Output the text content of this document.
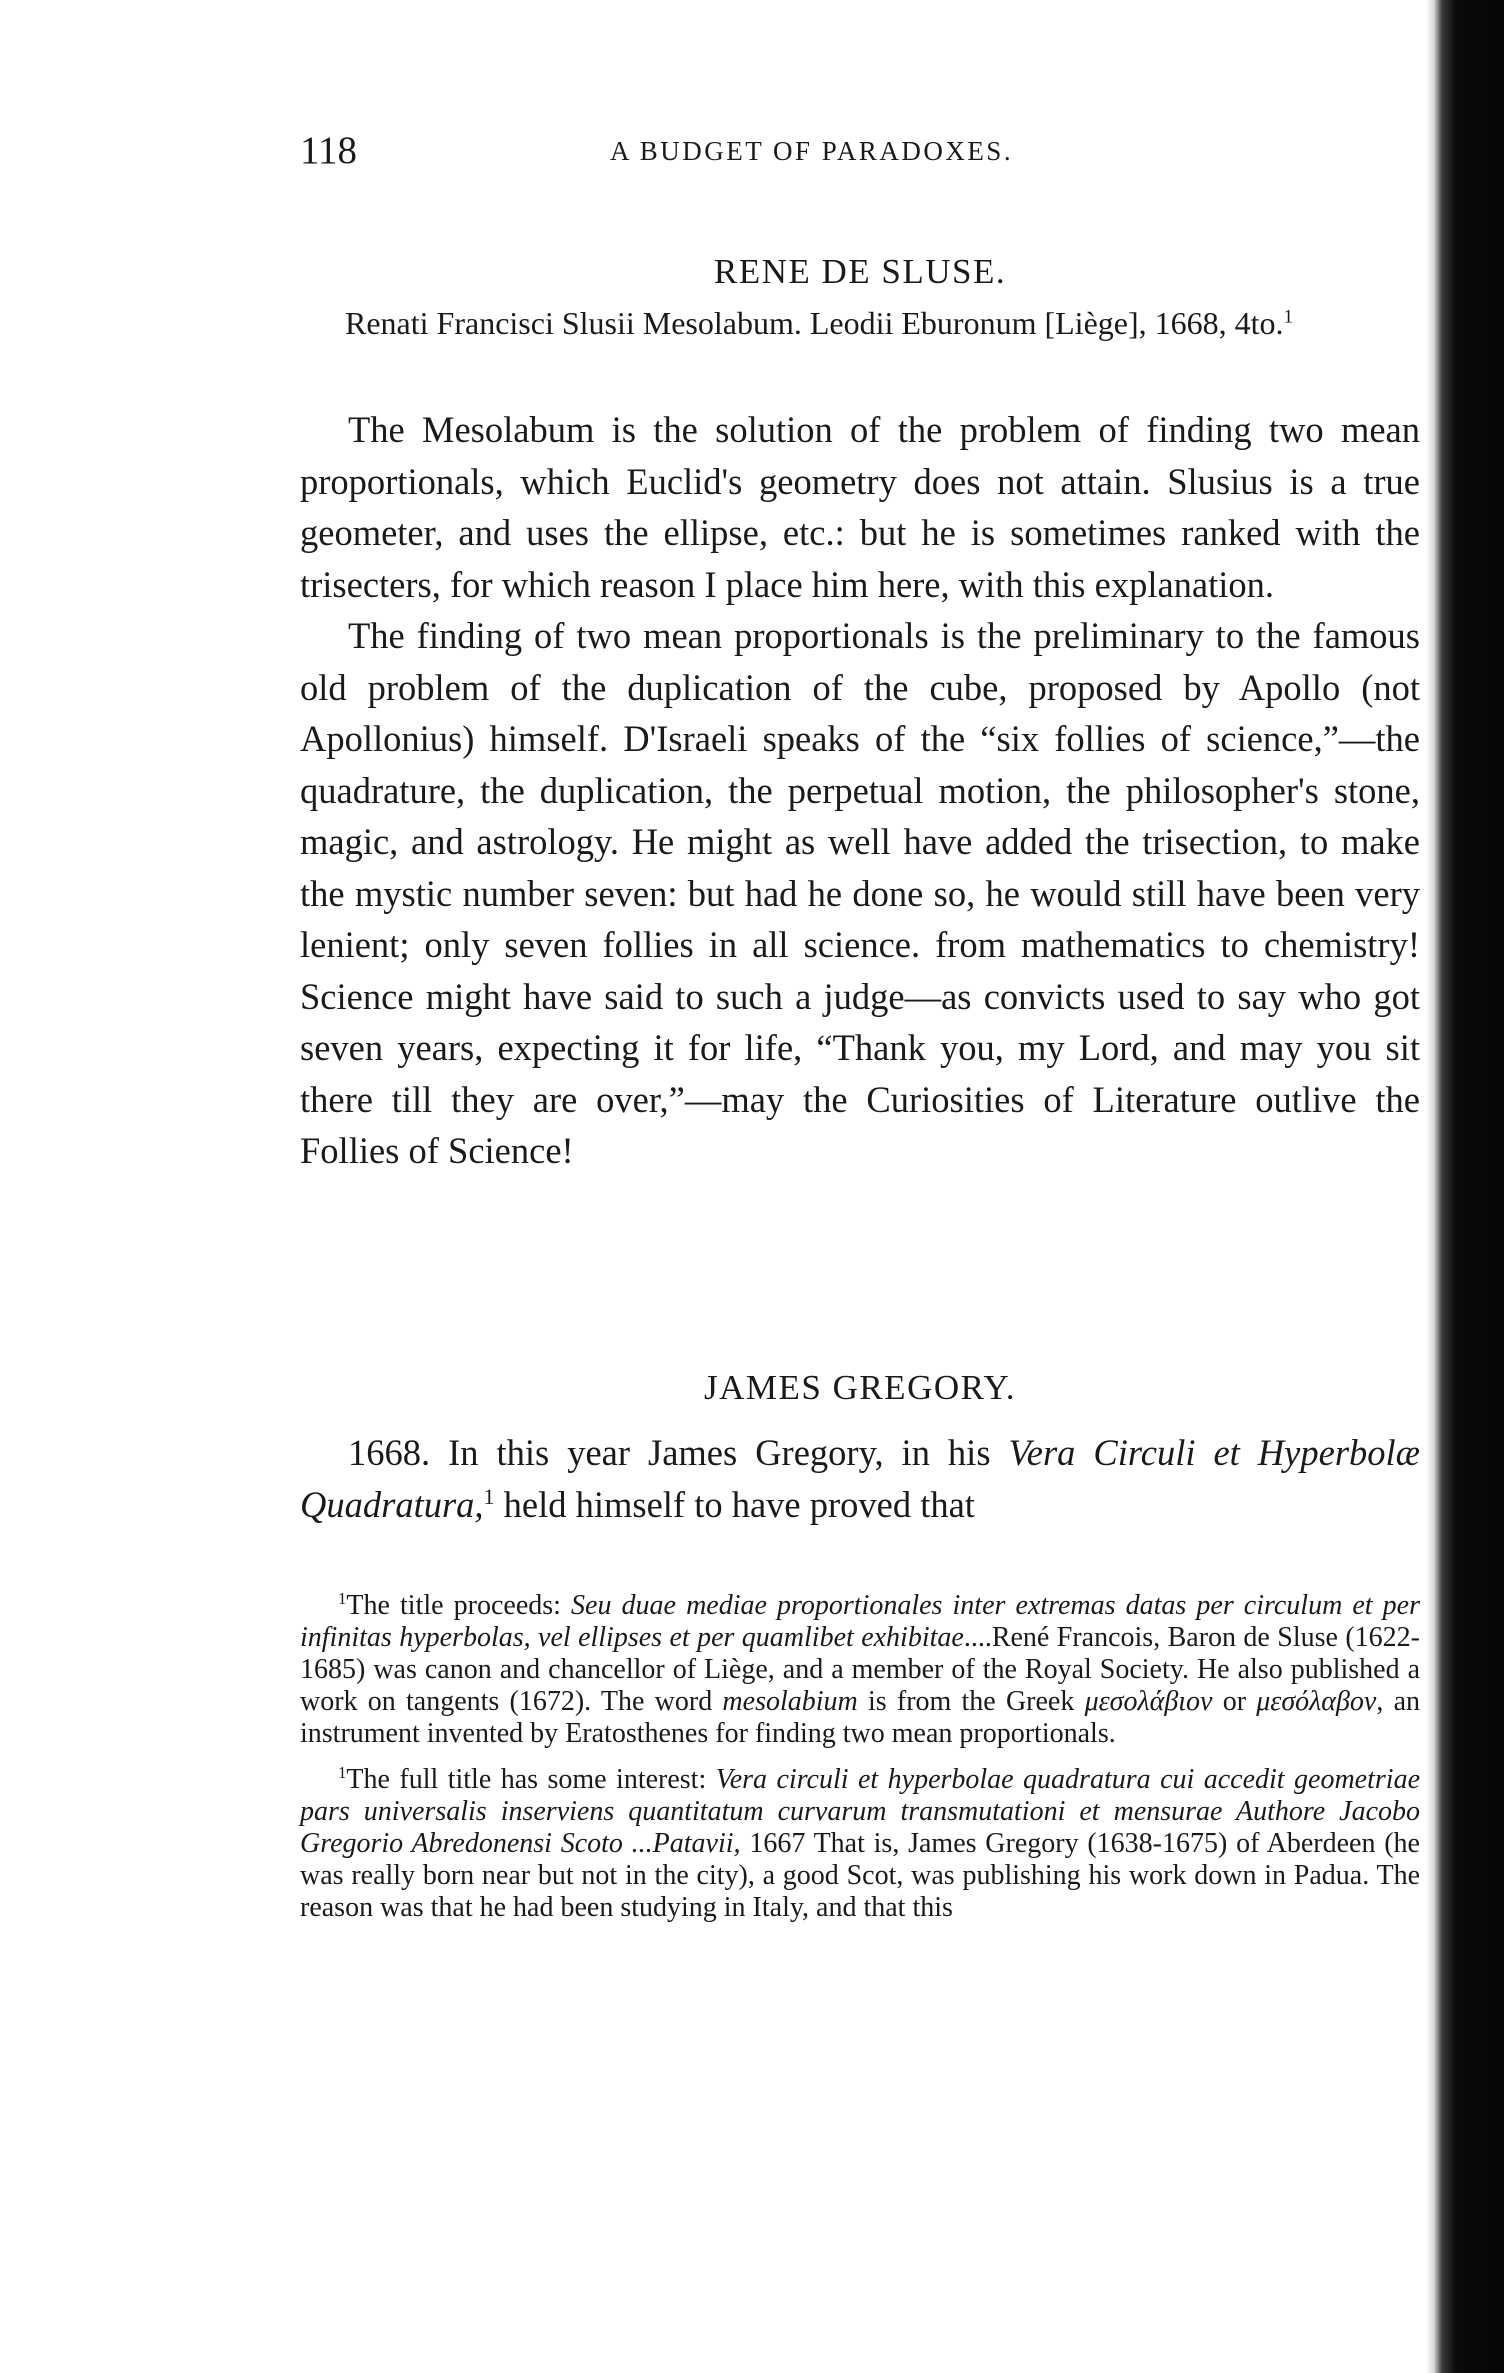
118	A BUDGET OF PARADOXES.
RENE DE SLUSE.

Renati Francisci Slusii Mesolabum. Leodii Eburonum [Liège], 1668, 4to.$^1$

The Mesolabum is the solution of the problem of finding two mean proportionals, which Euclid's geometry does not attain. Slusius is a true geometer, and uses the ellipse, etc.: but he is sometimes ranked with the trisecters, for which reason I place him here, with this explanation.

The finding of two mean proportionals is the preliminary to the famous old problem of the duplication of the cube, proposed by Apollo (not Apollonius) himself. D'Israeli speaks of the “six follies of science,”—the quadrature, the duplication, the perpetual motion, the philosopher's stone, magic, and astrology. He might as well have added the trisection, to make the mystic number seven: but had he done so, he would still have been very lenient; only seven follies in all science. from mathematics to chemistry! Science might have said to such a judge—as convicts used to say who got seven years, expecting it for life, “Thank you, my Lord, and may you sit there till they are over,”—may the Curiosities of Literature outlive the Follies of Science!

JAMES GREGORY.

1668. In this year James Gregory, in his Vera Circuli et Hyperbolæ Quadratura,$^1$ held himself to have proved that

$^1$The title proceeds: Seu duae mediae proportionales inter extremas datas per circulum et per infinitas hyperbolas, vel ellipses et per quamlibet exhibitae....René Francois, Baron de Sluse (1622-1685) was canon and chancellor of Liège, and a member of the Royal Society. He also published a work on tangents (1672). The word mesolabium is from the Greek μεσολάβιον or μεσόλαβον, an instrument invented by Eratosthenes for finding two mean proportionals.

$^1$The full title has some interest: Vera circuli et hyperbolae quadratura cui accedit geometriae pars universalis inserviens quantitatum curvarum transmutationi et mensurae Authore Jacobo Gregorio Abredonensi Scoto ...Patavii, 1667 That is, James Gregory (1638-1675) of Aberdeen (he was really born near but not in the city), a good Scot, was publishing his work down in Padua. The reason was that he had been studying in Italy, and that this
